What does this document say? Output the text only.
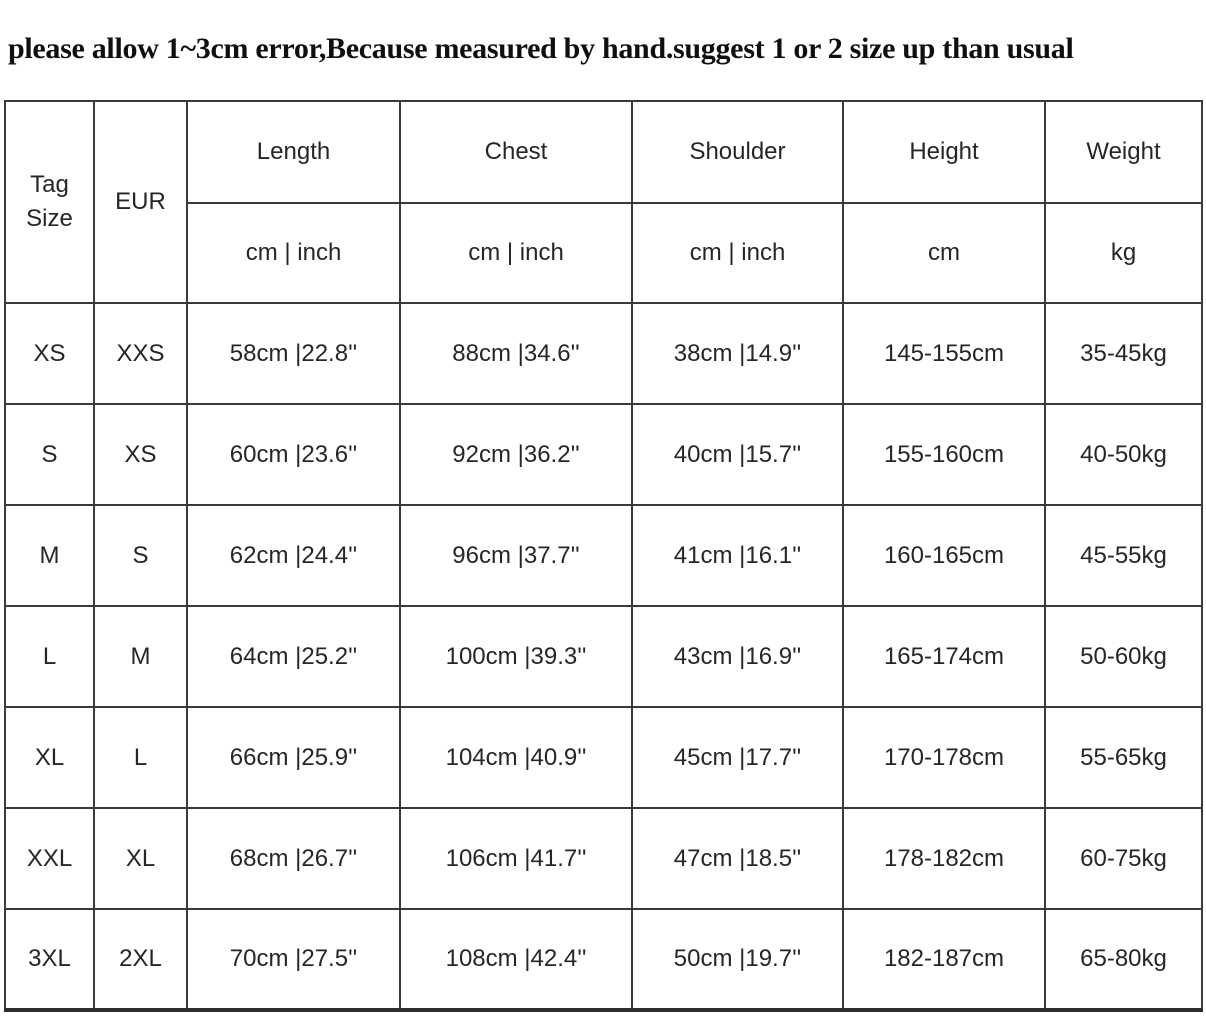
please allow 1~3cm error,Because measured by hand.suggest 1 or 2 size up than usual
Tag
Size	EUR	Length	Chest	Shoulder	Height	Weight
		cm | inch	cm | inch	cm | inch	cm	kg
XS	XXS	58cm |22.8''	88cm |34.6''	38cm |14.9''	145-155cm	35-45kg
S	XS	60cm |23.6''	92cm |36.2''	40cm |15.7''	155-160cm	40-50kg
M	S	62cm |24.4''	96cm |37.7''	41cm |16.1''	160-165cm	45-55kg
L	M	64cm |25.2''	100cm |39.3''	43cm |16.9''	165-174cm	50-60kg
XL	L	66cm |25.9''	104cm |40.9''	45cm |17.7''	170-178cm	55-65kg
XXL	XL	68cm |26.7''	106cm |41.7''	47cm |18.5''	178-182cm	60-75kg
3XL	2XL	70cm |27.5''	108cm |42.4''	50cm |19.7''	182-187cm	65-80kg
